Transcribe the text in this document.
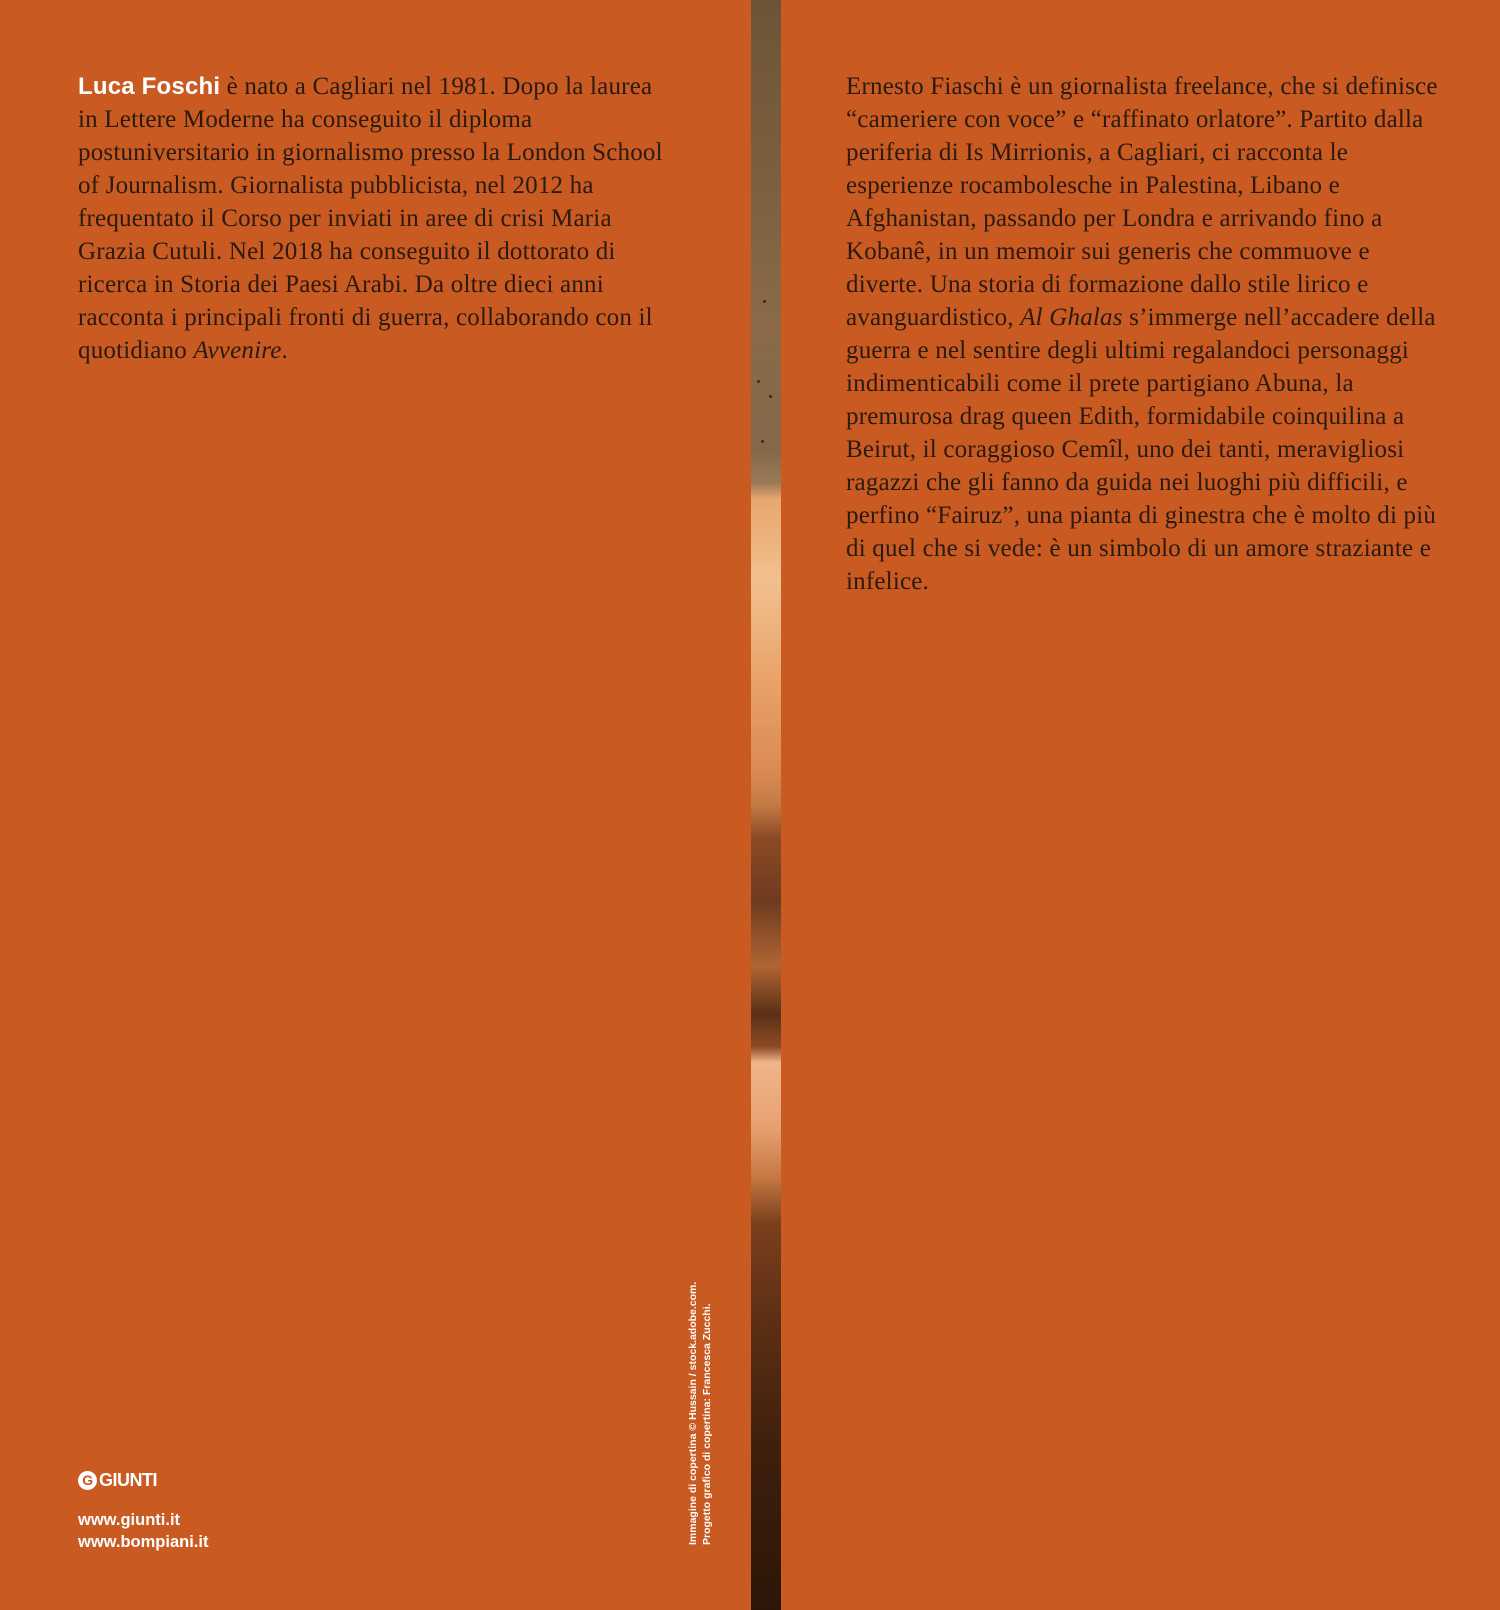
Luca Foschi è nato a Cagliari nel 1981. Dopo la laurea in Lettere Moderne ha conseguito il diploma postuniversitario in giornalismo presso la London School of Journalism. Giornalista pubblicista, nel 2012 ha frequentato il Corso per inviati in aree di crisi Maria Grazia Cutuli. Nel 2018 ha conseguito il dottorato di ricerca in Storia dei Paesi Arabi. Da oltre dieci anni racconta i principali fronti di guerra, collaborando con il quotidiano Avvenire.

Ernesto Fiaschi è un giornalista freelance, che si definisce “cameriere con voce” e “raffinato orlatore”. Partito dalla periferia di Is Mirrionis, a Cagliari, ci racconta le esperienze rocambolesche in Palestina, Libano e Afghanistan, passando per Londra e arrivando fino a Kobanê, in un memoir sui generis che commuove e diverte. Una storia di formazione dallo stile lirico e avanguardistico, Al Ghalas s’immerge nell’accadere della guerra e nel sentire degli ultimi regalandoci personaggi indimenticabili come il prete partigiano Abuna, la premurosa drag queen Edith, formidabile coinquilina a Beirut, il coraggioso Cemîl, uno dei tanti, meravigliosi ragazzi che gli fanno da guida nei luoghi più difficili, e perfino “Fairuz”, una pianta di ginestra che è molto di più di quel che si vede: è un simbolo di un amore straziante e infelice.

Immagine di copertina © Hussain / stock.adobe.com. Progetto grafico di copertina: Francesca Zucchi.
G GIUNTI
www.giunti.it
www.bompiani.it
